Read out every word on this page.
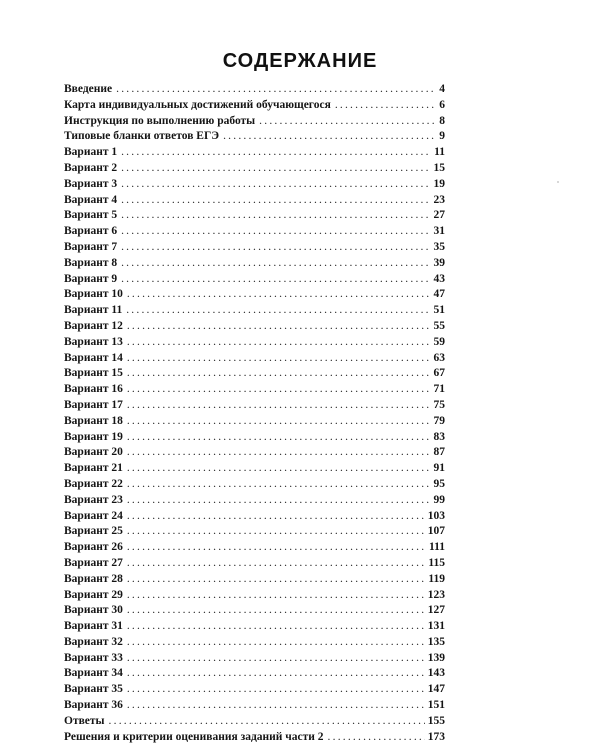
СОДЕРЖАНИЕ
Введение .....	4
Карта индивидуальных достижений обучающегося .....	6
Инструкция по выполнению работы .....	8
Типовые бланки ответов ЕГЭ .....	9
Вариант 1 .....	11
Вариант 2 .....	15
Вариант 3 .....	19
Вариант 4 .....	23
Вариант 5 .....	27
Вариант 6 .....	31
Вариант 7 .....	35
Вариант 8 .....	39
Вариант 9 .....	43
Вариант 10 .....	47
Вариант 11 .....	51
Вариант 12 .....	55
Вариант 13 .....	59
Вариант 14 .....	63
Вариант 15 .....	67
Вариант 16 .....	71
Вариант 17 .....	75
Вариант 18 .....	79
Вариант 19 .....	83
Вариант 20 .....	87
Вариант 21 .....	91
Вариант 22 .....	95
Вариант 23 .....	99
Вариант 24 .....	103
Вариант 25 .....	107
Вариант 26 .....	111
Вариант 27 .....	115
Вариант 28 .....	119
Вариант 29 .....	123
Вариант 30 .....	127
Вариант 31 .....	131
Вариант 32 .....	135
Вариант 33 .....	139
Вариант 34 .....	143
Вариант 35 .....	147
Вариант 36 .....	151
Ответы .....	155
Решения и критерии оценивания заданий части 2 .....	173
